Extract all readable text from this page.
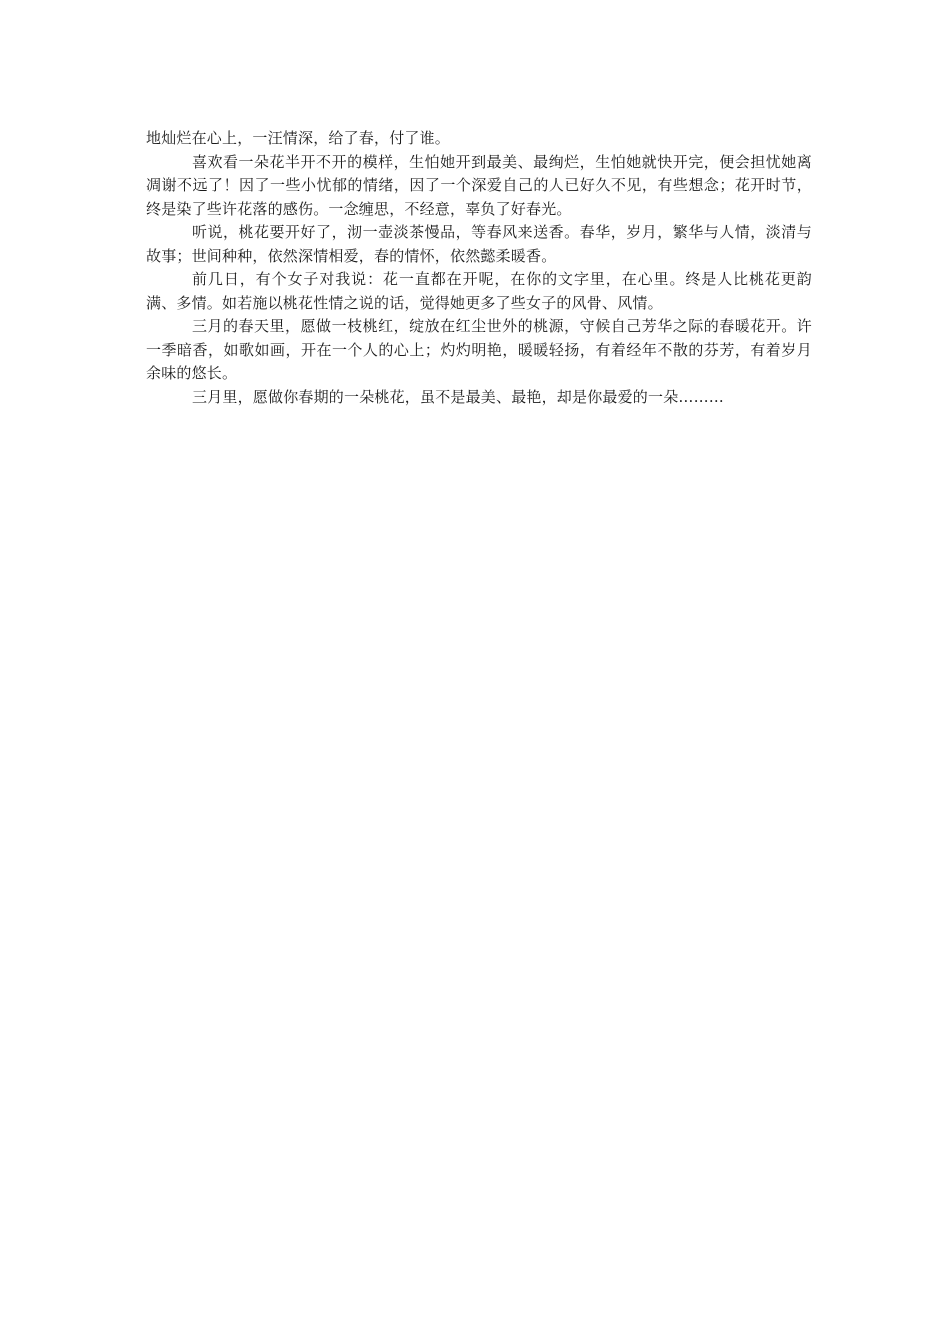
地灿烂在心上，一汪情深，给了春，付了谁。

喜欢看一朵花半开不开的模样，生怕她开到最美、最绚烂，生怕她就快开完，便会担忧她离凋谢不远了！因了一些小忧郁的情绪，因了一个深爱自己的人已好久不见，有些想念；花开时节，终是染了些许花落的感伤。一念缠思，不经意，辜负了好春光。

听说，桃花要开好了，沏一壶淡茶慢品，等春风来送香。春华，岁月，繁华与人情，淡清与故事；世间种种，依然深情相爱，春的情怀，依然懿柔暖香。

前几日，有个女子对我说：花一直都在开呢，在你的文字里，在心里。终是人比桃花更韵满、多情。如若施以桃花性情之说的话，觉得她更多了些女子的风骨、风情。

三月的春天里，愿做一枝桃红，绽放在红尘世外的桃源，守候自己芳华之际的春暖花开。许一季暗香，如歌如画，开在一个人的心上；灼灼明艳，暖暖轻扬，有着经年不散的芬芳，有着岁月余味的悠长。

三月里，愿做你春期的一朵桃花，虽不是最美、最艳，却是你最爱的一朵………
